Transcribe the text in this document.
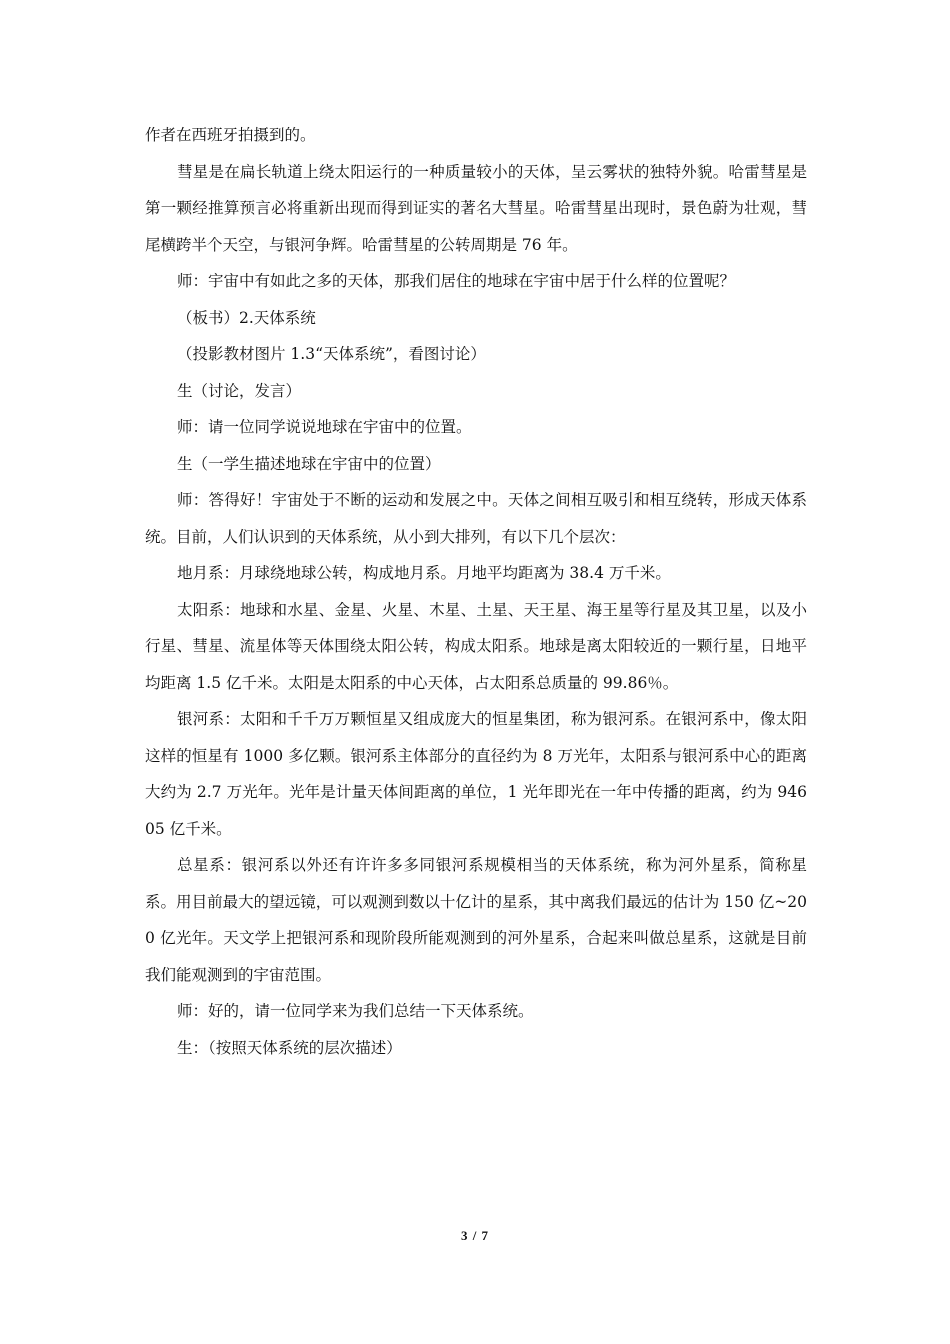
作者在西班牙拍摄到的。

彗星是在扁长轨道上绕太阳运行的一种质量较小的天体，呈云雾状的独特外貌。哈雷彗星是第一颗经推算预言必将重新出现而得到证实的著名大彗星。哈雷彗星出现时，景色蔚为壮观，彗尾横跨半个天空，与银河争辉。哈雷彗星的公转周期是 76 年。

师：宇宙中有如此之多的天体，那我们居住的地球在宇宙中居于什么样的位置呢？

（板书）2.天体系统

（投影教材图片 1.3“天体系统”，看图讨论）

生（讨论，发言）

师：请一位同学说说地球在宇宙中的位置。

生（一学生描述地球在宇宙中的位置）

师：答得好！宇宙处于不断的运动和发展之中。天体之间相互吸引和相互绕转，形成天体系统。目前，人们认识到的天体系统，从小到大排列，有以下几个层次：

地月系：月球绕地球公转，构成地月系。月地平均距离为 38.4 万千米。

太阳系：地球和水星、金星、火星、木星、土星、天王星、海王星等行星及其卫星，以及小行星、彗星、流星体等天体围绕太阳公转，构成太阳系。地球是离太阳较近的一颗行星，日地平均距离 1.5 亿千米。太阳是太阳系的中心天体，占太阳系总质量的 99.86％。

银河系：太阳和千千万万颗恒星又组成庞大的恒星集团，称为银河系。在银河系中，像太阳这样的恒星有 1000 多亿颗。银河系主体部分的直径约为 8 万光年，太阳系与银河系中心的距离大约为 2.7 万光年。光年是计量天体间距离的单位，1 光年即光在一年中传播的距离，约为 94605 亿千米。

总星系：银河系以外还有许许多多同银河系规模相当的天体系统，称为河外星系，简称星系。用目前最大的望远镜，可以观测到数以十亿计的星系，其中离我们最远的估计为 150 亿~200 亿光年。天文学上把银河系和现阶段所能观测到的河外星系，合起来叫做总星系，这就是目前我们能观测到的宇宙范围。

师：好的，请一位同学来为我们总结一下天体系统。

生：（按照天体系统的层次描述）

3 / 7
